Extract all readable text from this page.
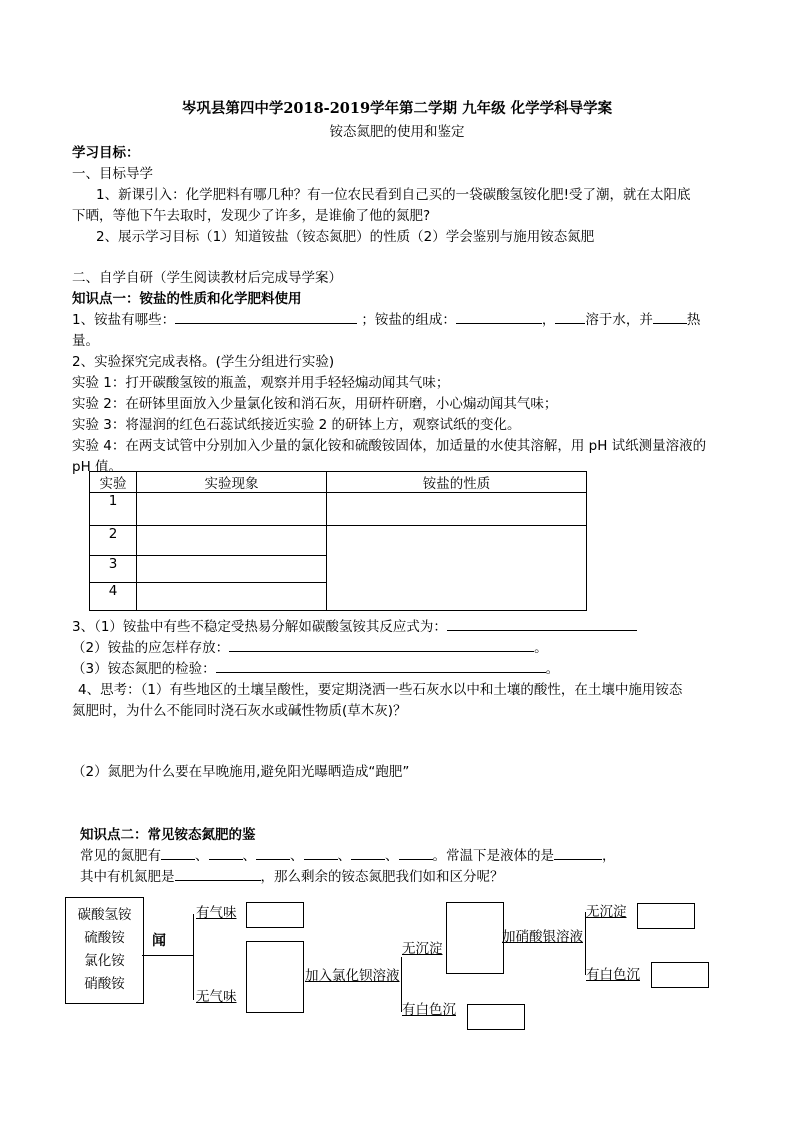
岑巩县第四中学2018-2019学年第二学期 九年级 化学学科导学案
铵态氮肥的使用和鉴定
学习目标：
一、目标导学
1、新课引入：化学肥料有哪几种？有一位农民看到自己买的一袋碳酸氢铵化肥!受了潮，就在太阳底
下晒，等他下午去取时，发现少了许多，是谁偷了他的氮肥?
2、展示学习目标（1）知道铵盐（铵态氮肥）的性质（2）学会鉴别与施用铵态氮肥
二、自学自研（学生阅读教材后完成导学案）
知识点一：铵盐的性质和化学肥料使用
1、铵盐有哪些：	；铵盐的组成：	， 溶于水，并	热
量。
2、实验探究完成表格。(学生分组进行实验)
实验 1：打开碳酸氢铵的瓶盖，观察并用手轻轻煽动闻其气味；
实验 2：在研钵里面放入少量氯化铵和消石灰，用研杵研磨，小心煽动闻其气味；
实验 3：将湿润的红色石蕊试纸接近实验 2 的研钵上方，观察试纸的变化。
实验 4：在两支试管中分别加入少量的氯化铵和硫酸铵固体，加适量的水使其溶解，用 pH 试纸测量溶液的
pH 值。
实验	实验现象	铵盐的性质
1		
2		
3		
4		
3、（1）铵盐中有些不稳定受热易分解如碳酸氢铵其反应式为：
（2）铵盐的应怎样存放：	。
（3）铵态氮肥的检验：	。
4、思考：（1）有些地区的土壤呈酸性，要定期浇洒一些石灰水以中和土壤的酸性，在土壤中施用铵态
氮肥时，为什么不能同时浇石灰水或碱性物质(草木灰)？
（2）氮肥为什么要在早晚施用,避免阳光曝晒造成“跑肥”
知识点二：常见铵态氮肥的鉴
常见的氮肥有	、	、	、	、	、	。常温下是液体的是	，
其中有机氮肥是	，那么剩余的铵态氮肥我们如和区分呢？
碳酸氢铵
硫酸铵
氯化铵
硝酸铵
闻
有气味
无气味
加入氯化钡溶液
无沉淀
有白色沉
加硝酸银溶液
无沉淀
有白色沉
